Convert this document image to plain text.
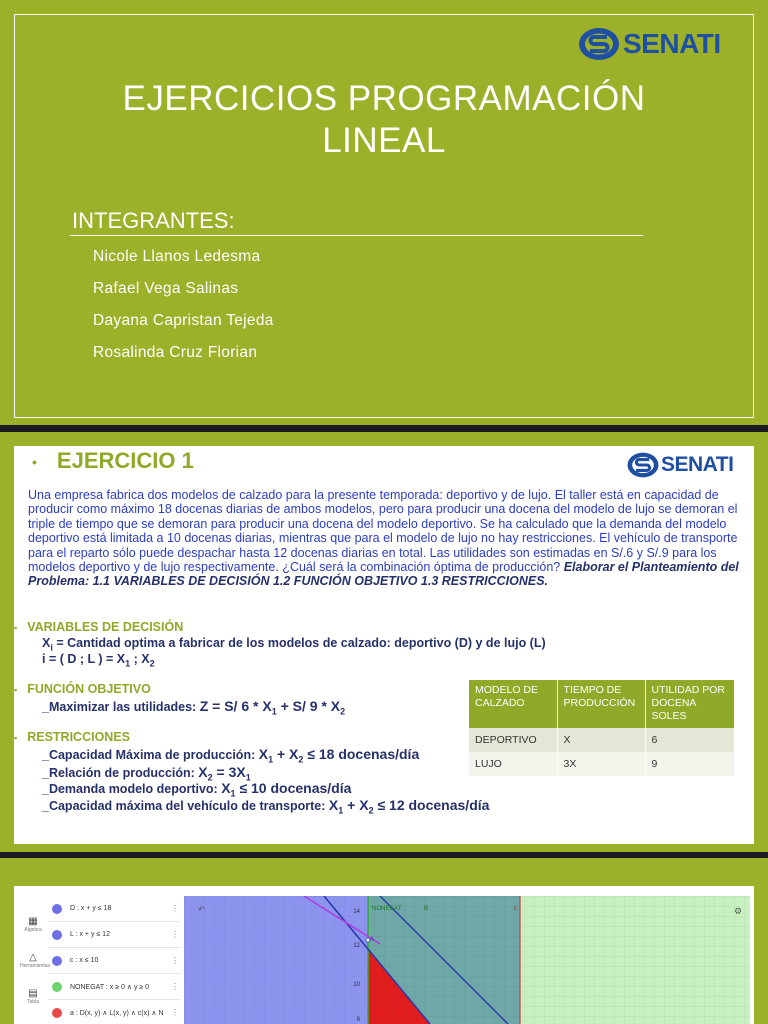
SENATI
EJERCICIOS PROGRAMACIÓN
LINEAL
INTEGRANTES:
Nicole Llanos Ledesma
Rafael Vega Salinas
Dayana Capristan Tejeda
Rosalinda Cruz Florian
• EJERCICIO 1	SENATI
Una empresa fabrica dos modelos de calzado para la presente temporada: deportivo y de lujo. El taller está en capacidad de producir como máximo 18 docenas diarias de ambos modelos, pero para producir una docena del modelo de lujo se demoran el triple de tiempo que se demoran para producir una docena del modelo deportivo. Se ha calculado que la demanda del modelo deportivo está limitada a 10 docenas diarias, mientras que para el modelo de lujo no hay restricciones. El vehículo de transporte para el reparto sólo puede despachar hasta 12 docenas diarias en total. Las utilidades son estimadas en S/.6 y S/.9 para los modelos deportivo y de lujo respectivamente. ¿Cuál será la combinación óptima de producción? Elaborar el Planteamiento del Problema: 1.1 VARIABLES DE DECISIÓN 1.2 FUNCIÓN OBJETIVO 1.3 RESTRICCIONES.
▪ VARIABLES DE DECISIÓN
$X_i$ = Cantidad optima a fabricar de los modelos de calzado: deportivo (D) y de lujo (L)
i = ( D ; L ) = $X_1$ ; $X_2$
▪ FUNCIÓN OBJETIVO
_Maximizar las utilidades: Z = S/ $6 * X_1 + S/$ $9 * X_2$
▪ RESTRICCIONES
_Capacidad Máxima de producción: $X_1 + X_2 \le 18$ docenas/día
_Relación de producción: $X_2 = 3X_1$
_Demanda modelo deportivo: $X_1 \le 10$ docenas/día
_Capacidad máxima del vehículo de transporte: $X_1 + X_2 \le 12$ docenas/día
MODELO DE CALZADO	TIEMPO DE PRODUCCIÓN	UTILIDAD POR DOCENA SOLES
DEPORTIVO	X	6
LUJO	3X	9
▦
Álgebra
△
Herramientas
▤
Tabla
D : x + y ≤ 18	⋮
L : x + y ≤ 12	⋮
c : x ≤ 10	⋮
NONEGAT : x ≥ 0 ∧ y ≥ 0	⋮
a : D(x, y) ∧ L(x, y) ∧ c(x) ∧ N ⋮
14
12
10
8
A
NONEGAT	B	c
↶	⚙
